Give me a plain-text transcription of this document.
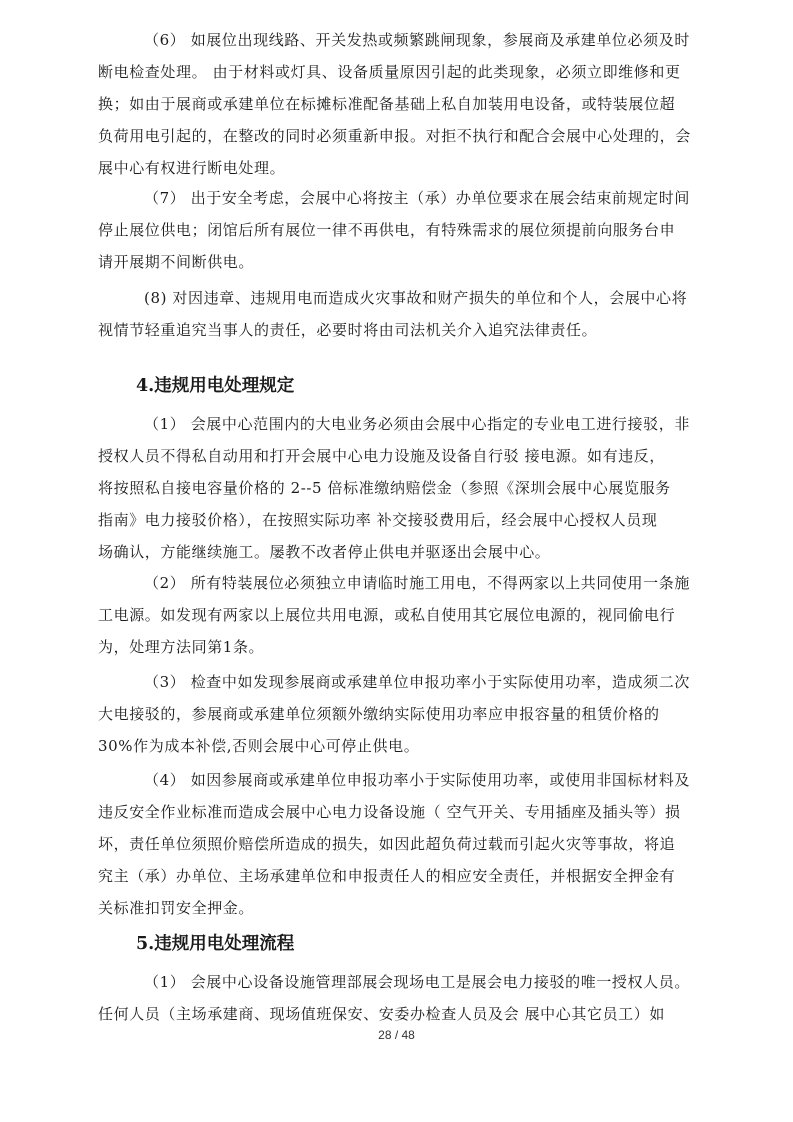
（6） 如展位出现线路、开关发热或频繁跳闸现象，参展商及承建单位必须及时
断电检查处理。 由于材料或灯具、设备质量原因引起的此类现象，必须立即维修和更
换；如由于展商或承建单位在标摊标准配备基础上私自加装用电设备，或特装展位超
负荷用电引起的，在整改的同时必须重新申报。对拒不执行和配合会展中心处理的，会
展中心有权进行断电处理。
（7） 出于安全考虑，会展中心将按主（承）办单位要求在展会结束前规定时间
停止展位供电；闭馆后所有展位一律不再供电，有特殊需求的展位须提前向服务台申
请开展期不间断供电。
(8) 对因违章、违规用电而造成火灾事故和财产损失的单位和个人，会展中心将
视情节轻重追究当事人的责任，必要时将由司法机关介入追究法律责任。
4.违规用电处理规定
（1） 会展中心范围内的大电业务必须由会展中心指定的专业电工进行接驳，非
授权人员不得私自动用和打开会展中心电力设施及设备自行驳 接电源。如有违反，
将按照私自接电容量价格的 2--5 倍标准缴纳赔偿金（参照《深圳会展中心展览服务
指南》电力接驳价格），在按照实际功率 补交接驳费用后，经会展中心授权人员现
场确认，方能继续施工。屡教不改者停止供电并驱逐出会展中心。
（2） 所有特装展位必须独立申请临时施工用电，不得两家以上共同使用一条施
工电源。如发现有两家以上展位共用电源，或私自使用其它展位电源的，视同偷电行
为，处理方法同第1条。
（3） 检查中如发现参展商或承建单位申报功率小于实际使用功率，造成须二次
大电接驳的，参展商或承建单位须额外缴纳实际使用功率应申报容量的租赁价格的
30%作为成本补偿,否则会展中心可停止供电。
（4） 如因参展商或承建单位申报功率小于实际使用功率，或使用非国标材料及
违反安全作业标准而造成会展中心电力设备设施（ 空气开关、专用插座及插头等）损
坏，责任单位须照价赔偿所造成的损失，如因此超负荷过载而引起火灾等事故，将追
究主（承）办单位、主场承建单位和申报责任人的相应安全责任，并根据安全押金有
关标准扣罚安全押金。
5.违规用电处理流程
（1） 会展中心设备设施管理部展会现场电工是展会电力接驳的唯一授权人员。
任何人员（主场承建商、现场值班保安、安委办检查人员及会 展中心其它员工）如
28 / 48
